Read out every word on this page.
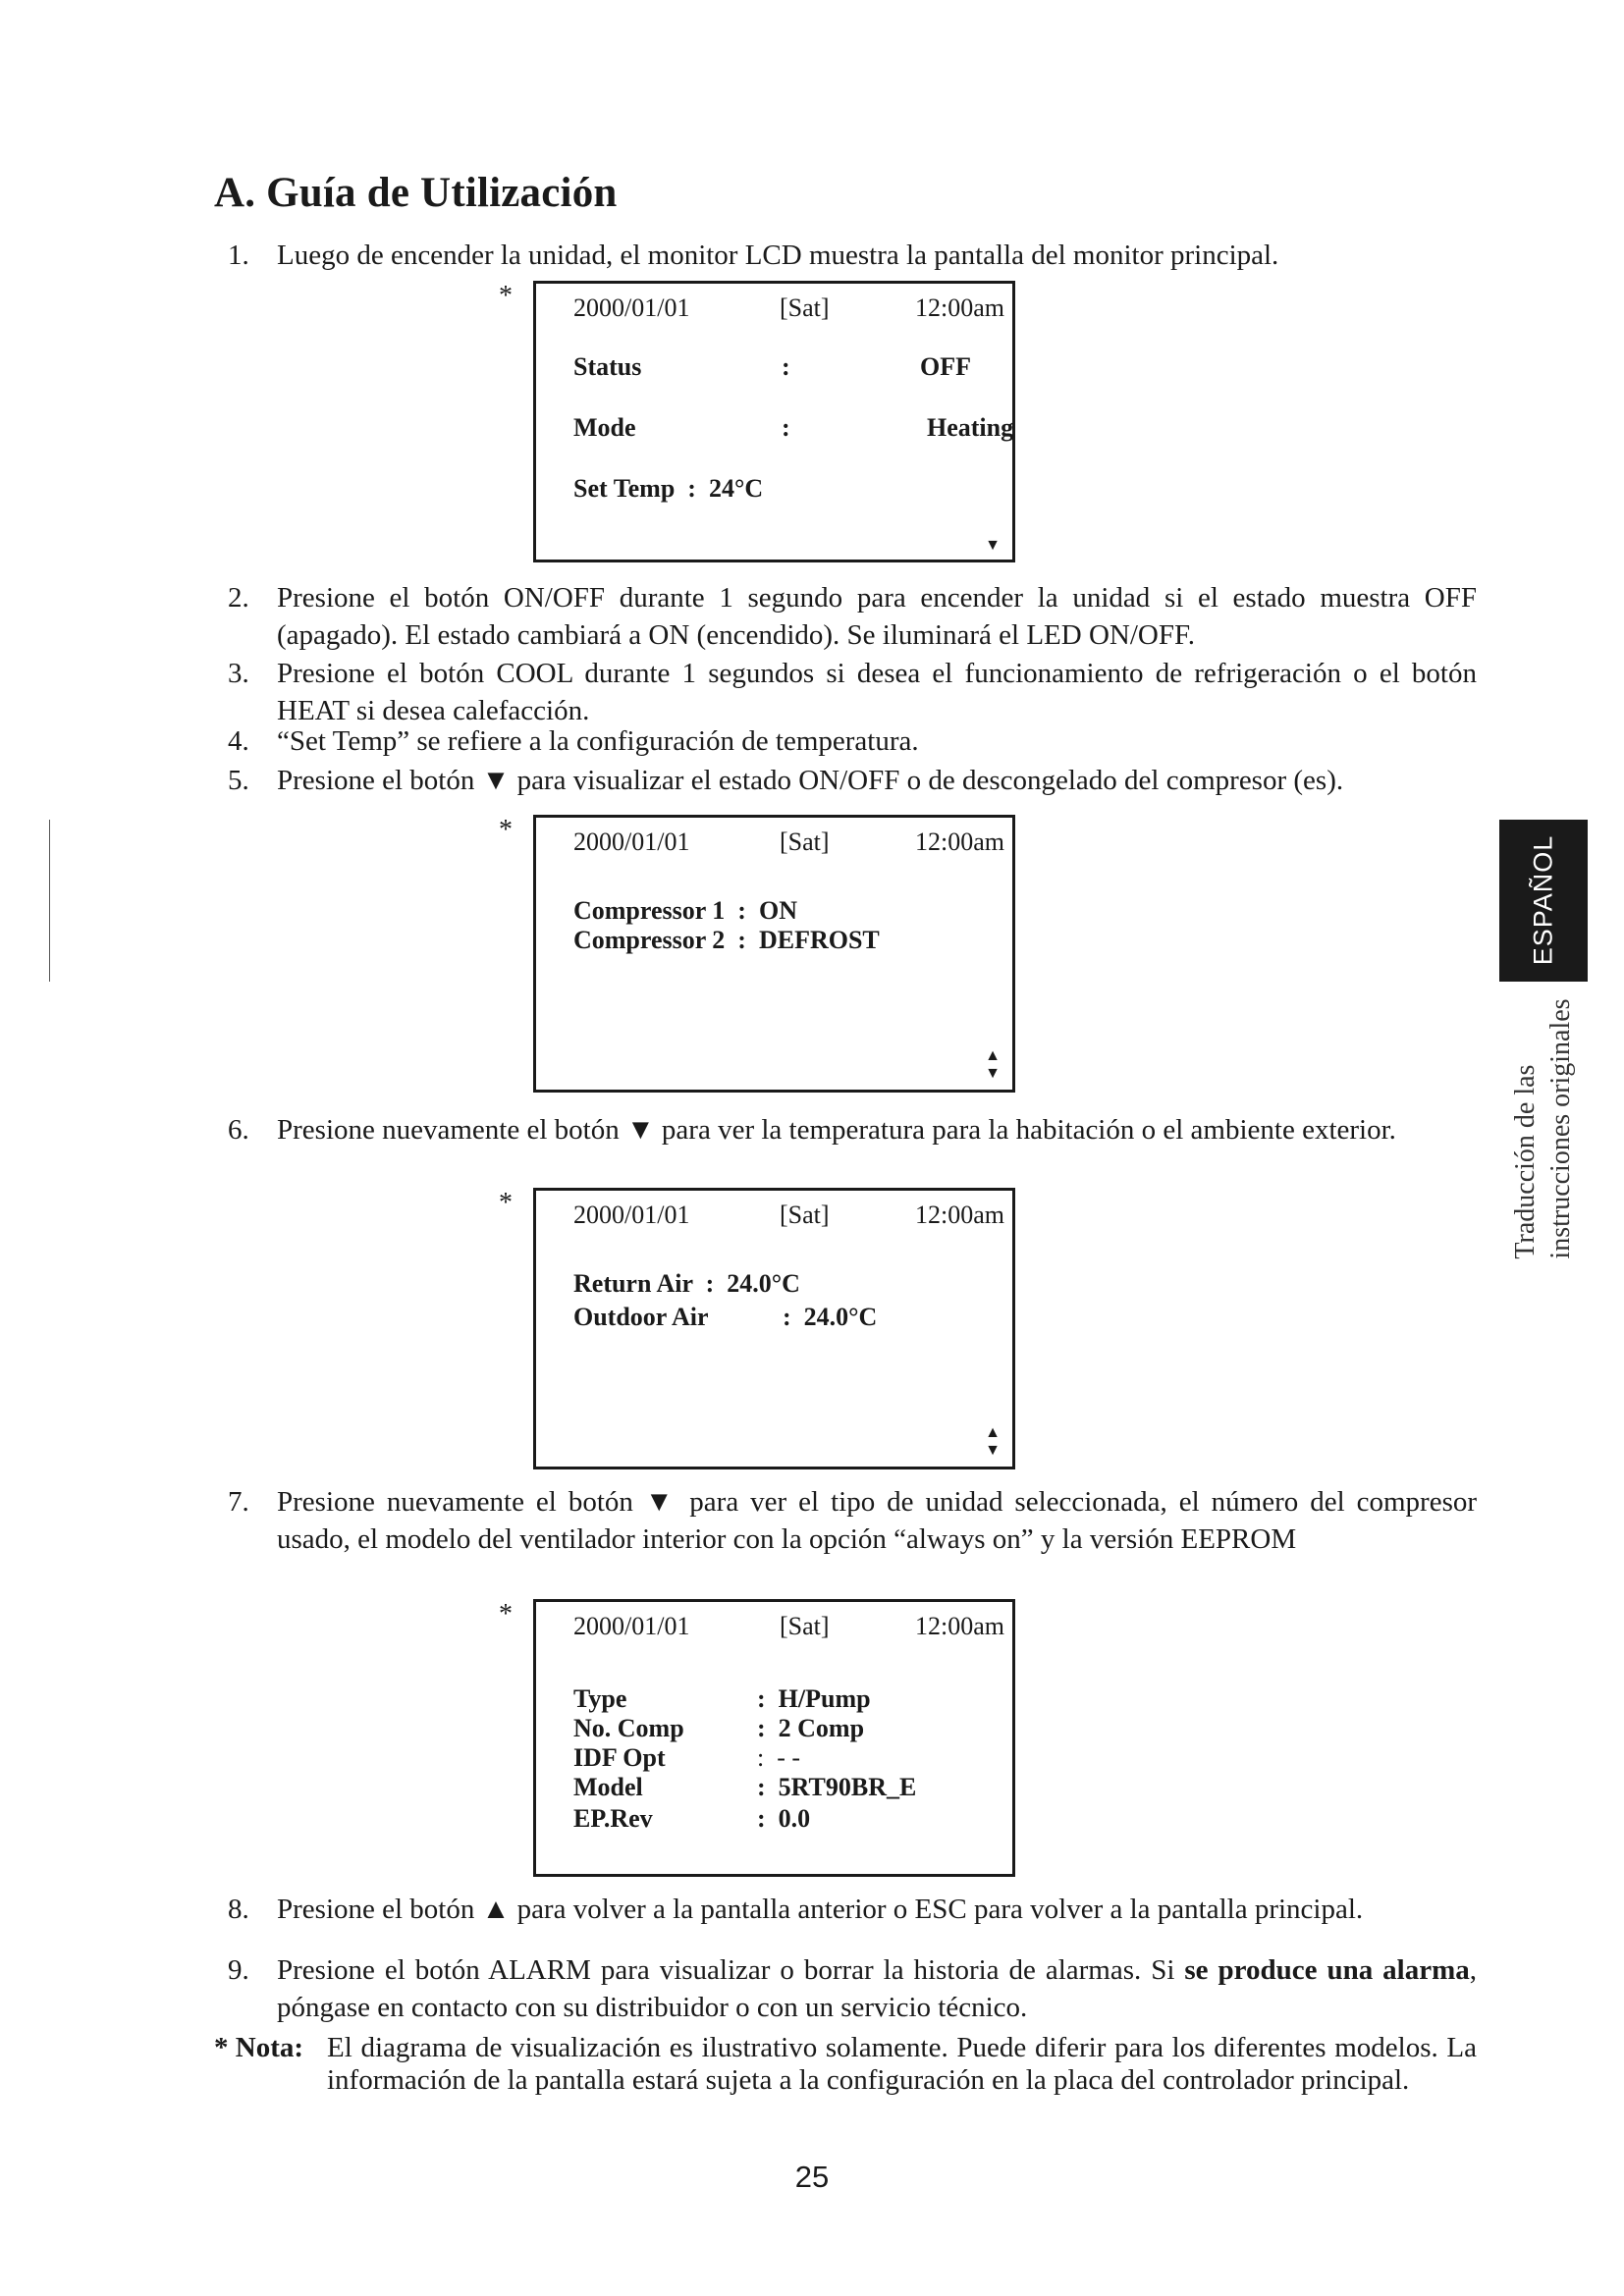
A. Guía de Utilización
1. Luego de encender la unidad, el monitor LCD muestra la pantalla del monitor principal.
* 2000/01/01	[Sat]	12:00am
Status	:	OFF
Mode	:	Heating
Set Temp  :  24°C
▼
2. Presione el botón ON/OFF durante 1 segundo para encender la unidad si el estado muestra OFF (apagado). El estado cambiará a ON (encendido). Se iluminará el LED ON/OFF.
3. Presione el botón COOL durante 1 segundos si desea el funcionamiento de refrigeración o el botón HEAT si desea calefacción.
4. “Set Temp” se refiere a la configuración de temperatura.
5. Presione el botón ▼ para visualizar el estado ON/OFF o de descongelado del compresor (es).
* 2000/01/01	[Sat]	12:00am
Compressor 1  :  ON
Compressor 2  :  DEFROST
▲
▼
6. Presione nuevamente el botón ▼ para ver la temperatura para la habitación o el ambiente exterior.
* 2000/01/01	[Sat]	12:00am
Return Air  :  24.0°C
Outdoor Air	:  24.0°C
▲
▼
7. Presione nuevamente el botón ▼ para ver el tipo de unidad seleccionada, el número del compresor usado, el modelo del ventilador interior con la opción “always on” y la versión EEPROM
* 2000/01/01	[Sat]	12:00am
Type	:  H/Pump
No. Comp	:  2 Comp
IDF Opt	:  - -
Model	:  5RT90BR_E
EP.Rev	:  0.0
8. Presione el botón ▲ para volver a la pantalla anterior o ESC para volver a la pantalla principal.
9. Presione el botón ALARM para visualizar o borrar la historia de alarmas. Si se produce una alarma, póngase en contacto con su distribuidor o con un servicio técnico.
* Nota: El diagrama de visualización es ilustrativo solamente. Puede diferir para los diferentes modelos. La información de la pantalla estará sujeta a la configuración en la placa del controlador principal.
ESPAÑOL
Traducción de las instrucciones originales
25
